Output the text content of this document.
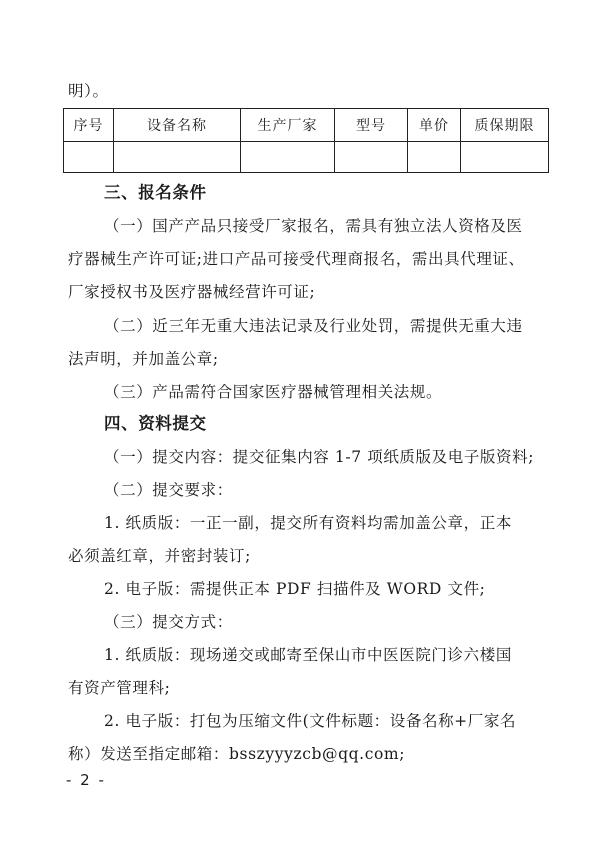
明）。
序号	设备名称	生产厂家	型号	单价	质保期限

三、报名条件
（一）国产产品只接受厂家报名，需具有独立法人资格及医
疗器械生产许可证;进口产品可接受代理商报名，需出具代理证、
厂家授权书及医疗器械经营许可证;
（二）近三年无重大违法记录及行业处罚，需提供无重大违
法声明，并加盖公章;
（三）产品需符合国家医疗器械管理相关法规。
四、资料提交
（一）提交内容：提交征集内容 1-7 项纸质版及电子版资料;
（二）提交要求：
1. 纸质版：一正一副，提交所有资料均需加盖公章，正本
必须盖红章，并密封装订;
2. 电子版：需提供正本 PDF 扫描件及 WORD 文件;
（三）提交方式：
1. 纸质版：现场递交或邮寄至保山市中医医院门诊六楼国
有资产管理科;
2. 电子版：打包为压缩文件(文件标题：设备名称+厂家名
称）发送至指定邮箱：bsszyyyzcb@qq.com;
- 2 -
